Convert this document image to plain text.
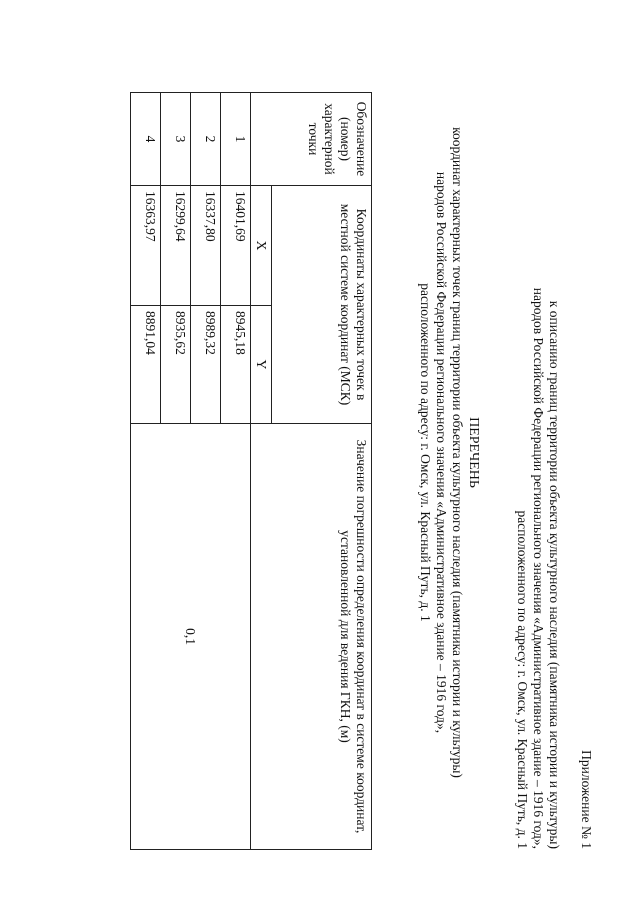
Приложение № 1
к описанию границ территории объекта культурного наследия (памятника истории и культуры)
народов Российской Федерации регионального значения «Административное здание – 1916 год»,
расположенного по адресу: г. Омск, ул. Красный Путь, д. 1
ПЕРЕЧЕНЬ
координат характерных точек границ территории объекта культурного наследия (памятника истории и культуры)
народов Российской Федерации регионального значения «Административное здание – 1916 год»,
расположенного по адресу: г. Омск, ул. Красный Путь, д. 1
Обозначение (номер) характерной точки	Координаты характерных точек в местной системе координат (МСК)		Значение погрешности определения координат в системе координат, установленной для ведения ГКН, (м)
	X	Y	
1	16401,69	8945,18	0,1
2	16337,80	8989,32	
3	16299,64	8935,62	
4	16363,97	8891,04	
